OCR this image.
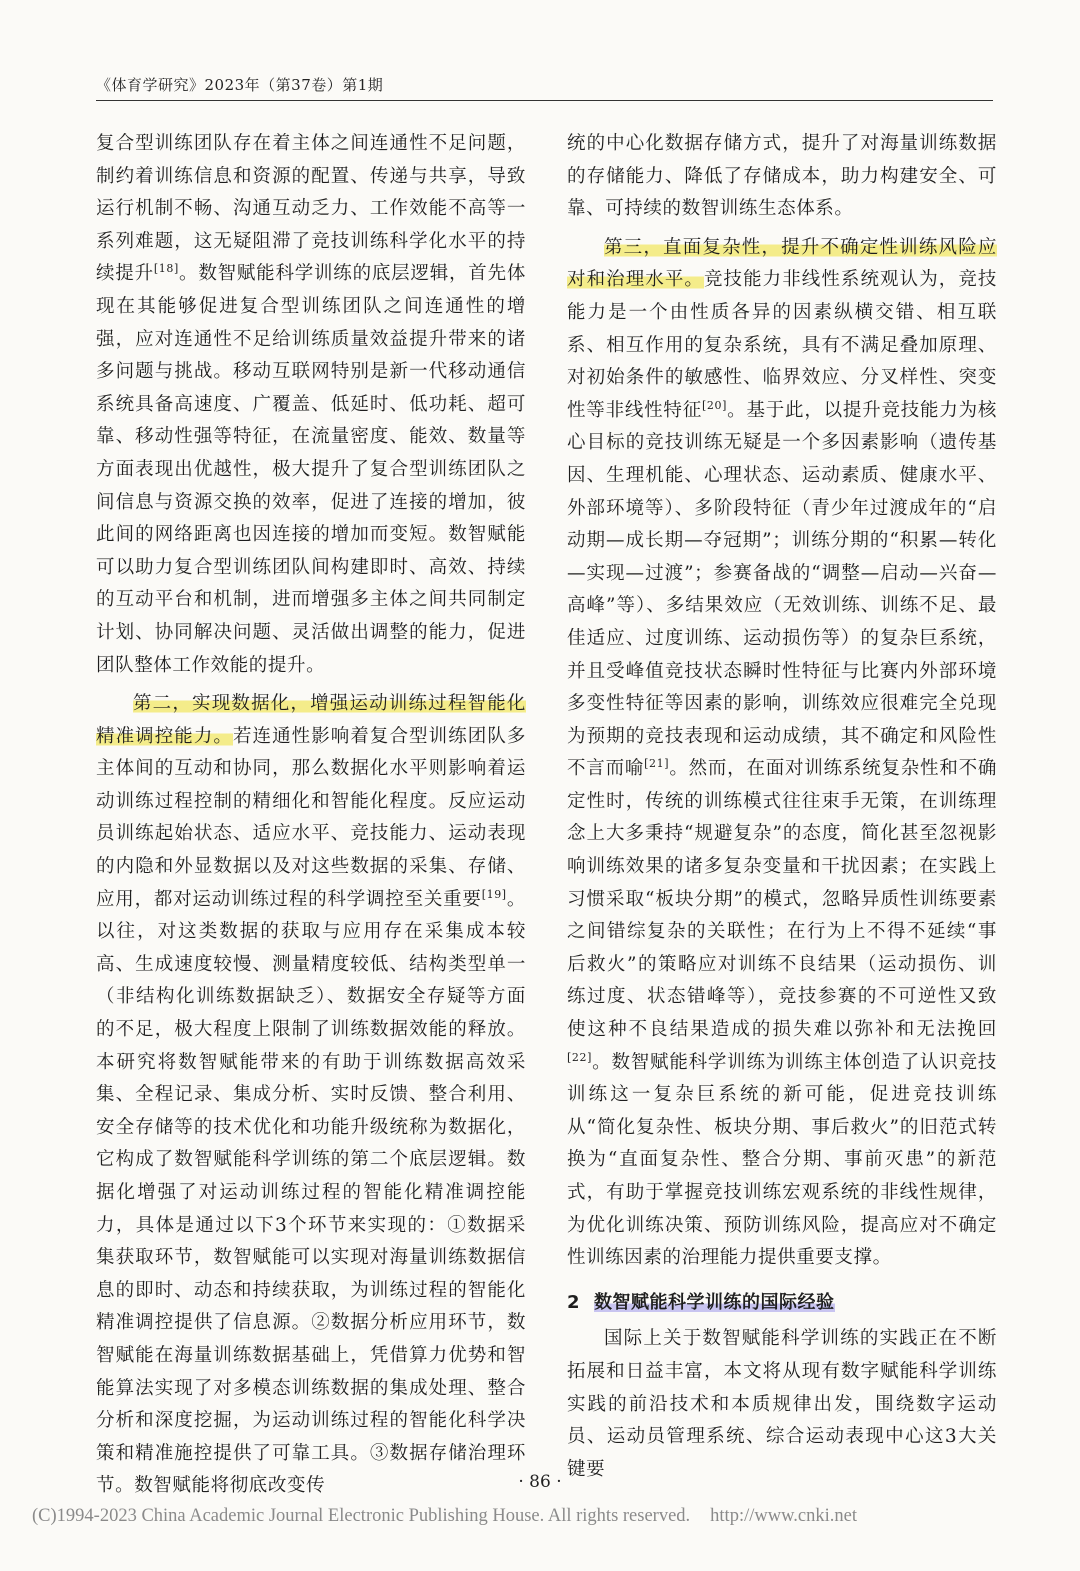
《体育学研究》2023年（第37卷）第1期

复合型训练团队存在着主体之间连通性不足问题，制约着训练信息和资源的配置、传递与共享，导致运行机制不畅、沟通互动乏力、工作效能不高等一系列难题，这无疑阻滞了竞技训练科学化水平的持续提升[18]。数智赋能科学训练的底层逻辑，首先体现在其能够促进复合型训练团队之间连通性的增强，应对连通性不足给训练质量效益提升带来的诸多问题与挑战。移动互联网特别是新一代移动通信系统具备高速度、广覆盖、低延时、低功耗、超可靠、移动性强等特征，在流量密度、能效、数量等方面表现出优越性，极大提升了复合型训练团队之间信息与资源交换的效率，促进了连接的增加，彼此间的网络距离也因连接的增加而变短。数智赋能可以助力复合型训练团队间构建即时、高效、持续的互动平台和机制，进而增强多主体之间共同制定计划、协同解决问题、灵活做出调整的能力，促进团队整体工作效能的提升。

第二，实现数据化，增强运动训练过程智能化精准调控能力。若连通性影响着复合型训练团队多主体间的互动和协同，那么数据化水平则影响着运动训练过程控制的精细化和智能化程度。反应运动员训练起始状态、适应水平、竞技能力、运动表现的内隐和外显数据以及对这些数据的采集、存储、应用，都对运动训练过程的科学调控至关重要[19]。以往，对这类数据的获取与应用存在采集成本较高、生成速度较慢、测量精度较低、结构类型单一（非结构化训练数据缺乏）、数据安全存疑等方面的不足，极大程度上限制了训练数据效能的释放。本研究将数智赋能带来的有助于训练数据高效采集、全程记录、集成分析、实时反馈、整合利用、安全存储等的技术优化和功能升级统称为数据化，它构成了数智赋能科学训练的第二个底层逻辑。数据化增强了对运动训练过程的智能化精准调控能力，具体是通过以下3个环节来实现的：①数据采集获取环节，数智赋能可以实现对海量训练数据信息的即时、动态和持续获取，为训练过程的智能化精准调控提供了信息源。②数据分析应用环节，数智赋能在海量训练数据基础上，凭借算力优势和智能算法实现了对多模态训练数据的集成处理、整合分析和深度挖掘，为运动训练过程的智能化科学决策和精准施控提供了可靠工具。③数据存储治理环节。数智赋能将彻底改变传

统的中心化数据存储方式，提升了对海量训练数据的存储能力、降低了存储成本，助力构建安全、可靠、可持续的数智训练生态体系。

第三，直面复杂性，提升不确定性训练风险应对和治理水平。竞技能力非线性系统观认为，竞技能力是一个由性质各异的因素纵横交错、相互联系、相互作用的复杂系统，具有不满足叠加原理、对初始条件的敏感性、临界效应、分叉样性、突变性等非线性特征[20]。基于此，以提升竞技能力为核心目标的竞技训练无疑是一个多因素影响（遗传基因、生理机能、心理状态、运动素质、健康水平、外部环境等）、多阶段特征（青少年过渡成年的“启动期—成长期—夺冠期”；训练分期的“积累—转化—实现—过渡”；参赛备战的“调整—启动—兴奋—高峰”等）、多结果效应（无效训练、训练不足、最佳适应、过度训练、运动损伤等）的复杂巨系统，并且受峰值竞技状态瞬时性特征与比赛内外部环境多变性特征等因素的影响，训练效应很难完全兑现为预期的竞技表现和运动成绩，其不确定和风险性不言而喻[21]。然而，在面对训练系统复杂性和不确定性时，传统的训练模式往往束手无策，在训练理念上大多秉持“规避复杂”的态度，简化甚至忽视影响训练效果的诸多复杂变量和干扰因素；在实践上习惯采取“板块分期”的模式，忽略异质性训练要素之间错综复杂的关联性；在行为上不得不延续“事后救火”的策略应对训练不良结果（运动损伤、训练过度、状态错峰等），竞技参赛的不可逆性又致使这种不良结果造成的损失难以弥补和无法挽回[22]。数智赋能科学训练为训练主体创造了认识竞技训练这一复杂巨系统的新可能，促进竞技训练从“简化复杂性、板块分期、事后救火”的旧范式转换为“直面复杂性、整合分期、事前灭患”的新范式，有助于掌握竞技训练宏观系统的非线性规律，为优化训练决策、预防训练风险，提高应对不确定性训练因素的治理能力提供重要支撑。

2 数智赋能科学训练的国际经验

国际上关于数智赋能科学训练的实践正在不断拓展和日益丰富，本文将从现有数字赋能科学训练实践的前沿技术和本质规律出发，围绕数字运动员、运动员管理系统、综合运动表现中心这3大关键要

· 86 ·
(C)1994-2023 China Academic Journal Electronic Publishing House. All rights reserved. http://www.cnki.net
